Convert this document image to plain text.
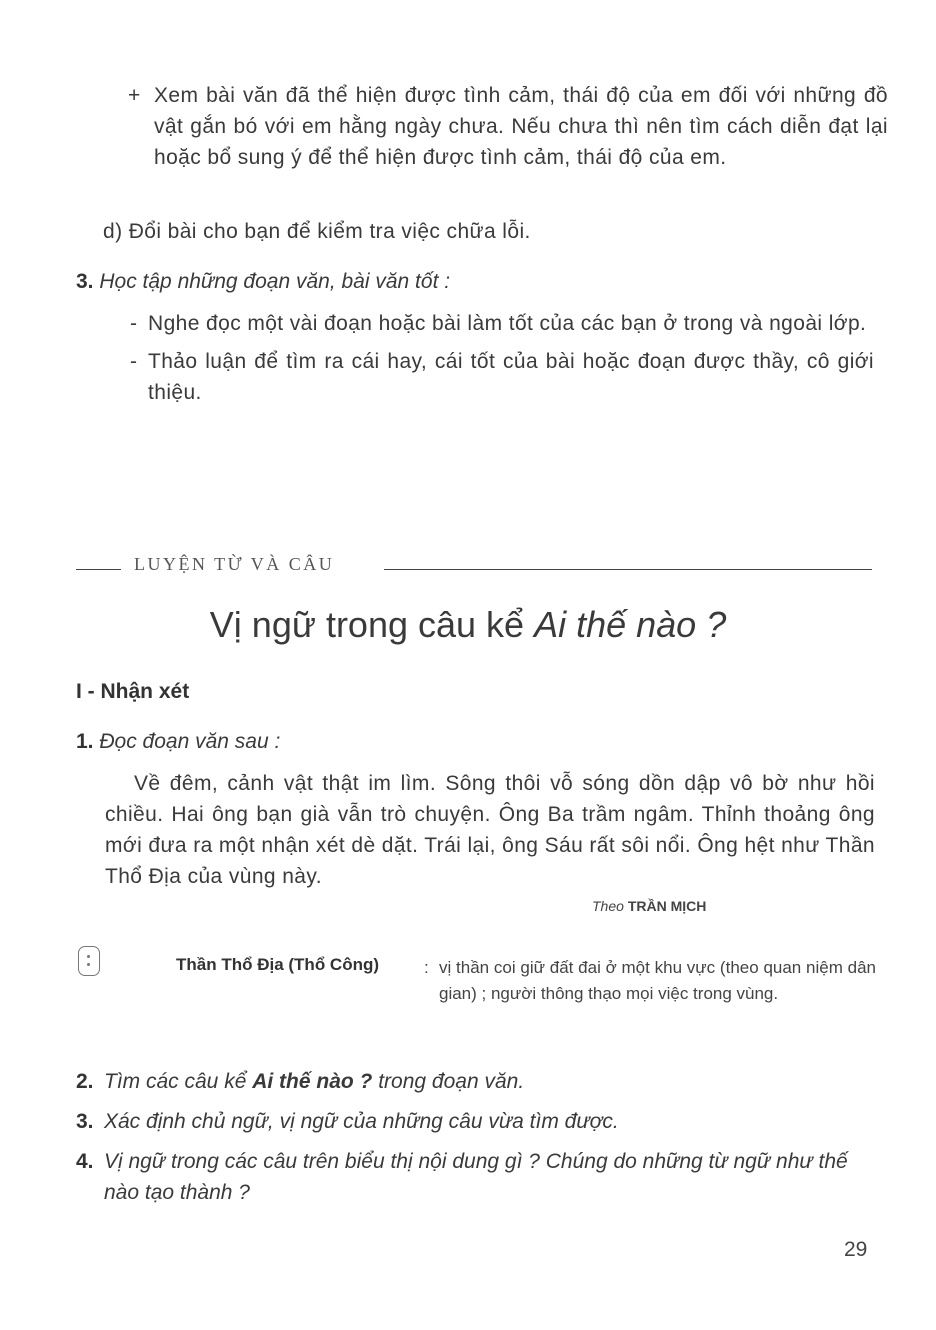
+ Xem bài văn đã thể hiện được tình cảm, thái độ của em đối với những đồ vật gắn bó với em hằng ngày chưa. Nếu chưa thì nên tìm cách diễn đạt lại hoặc bổ sung ý để thể hiện được tình cảm, thái độ của em.

d) Đổi bài cho bạn để kiểm tra việc chữa lỗi.

3. Học tập những đoạn văn, bài văn tốt :
- Nghe đọc một vài đoạn hoặc bài làm tốt của các bạn ở trong và ngoài lớp.
- Thảo luận để tìm ra cái hay, cái tốt của bài hoặc đoạn được thầy, cô giới thiệu.
LUYỆN TỪ VÀ CÂU
Vị ngữ trong câu kể Ai thế nào ?
I - Nhận xét
1. Đọc đoạn văn sau :

Về đêm, cảnh vật thật im lìm. Sông thôi vỗ sóng dồn dập vô bờ như hồi chiều. Hai ông bạn già vẫn trò chuyện. Ông Ba trầm ngâm. Thỉnh thoảng ông mới đưa ra một nhận xét dè dặt. Trái lại, ông Sáu rất sôi nổi. Ông hệt như Thần Thổ Địa của vùng này.

Theo TRẦN MỊCH
Thần Thổ Địa (Thổ Công)	: vị thần coi giữ đất đai ở một khu vực (theo quan niệm dân gian) ; người thông thạo mọi việc trong vùng.
2. Tìm các câu kể Ai thế nào ? trong đoạn văn.
3. Xác định chủ ngữ, vị ngữ của những câu vừa tìm được.
4. Vị ngữ trong các câu trên biểu thị nội dung gì ? Chúng do những từ ngữ như thế nào tạo thành ?
29
